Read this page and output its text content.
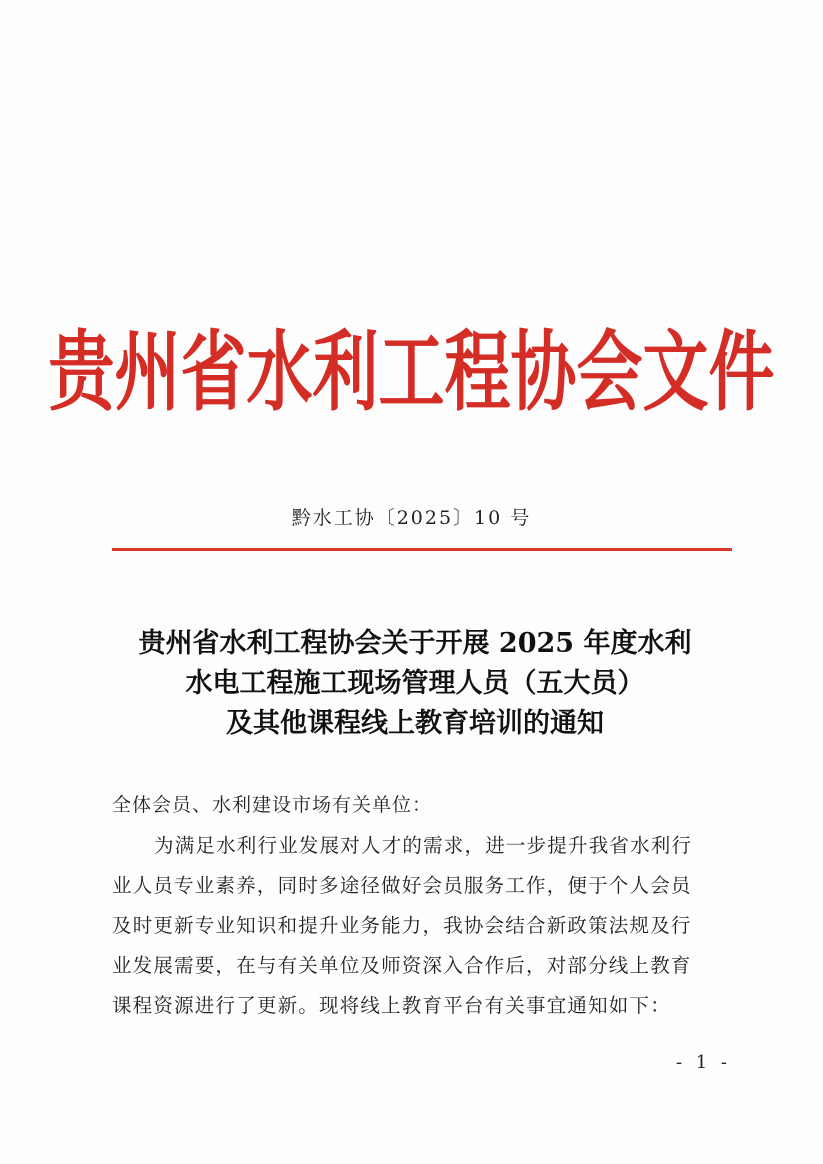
贵州省水利工程协会文件
黔水工协〔2025〕10 号
贵州省水利工程协会关于开展 2025 年度水利
水电工程施工现场管理人员（五大员）
及其他课程线上教育培训的通知
全体会员、水利建设市场有关单位：
为满足水利行业发展对人才的需求，进一步提升我省水利行
业人员专业素养，同时多途径做好会员服务工作，便于个人会员
及时更新专业知识和提升业务能力，我协会结合新政策法规及行
业发展需要，在与有关单位及师资深入合作后，对部分线上教育
课程资源进行了更新。现将线上教育平台有关事宜通知如下：
- 1 -
